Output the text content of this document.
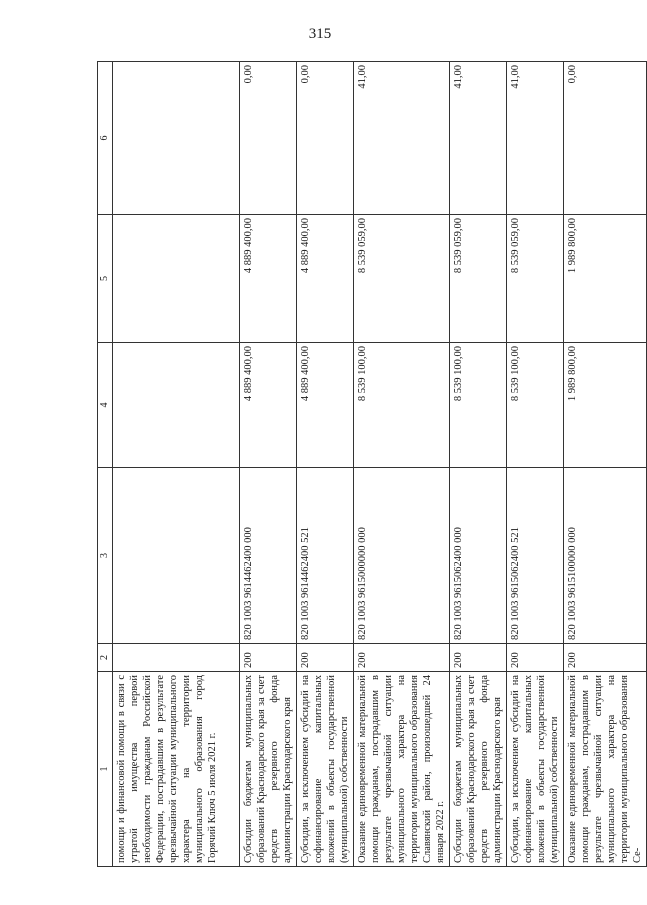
315
1	2	3	4	5	6
помощи и финансовой помощи в связи с утратой имущества первой необходимости гражданам Российской Федерации, пострадавшим в результате чрезвычайной ситуации муниципального характера на территории муниципального образования город Горячий Ключ 5 июля 2021 г.					
Субсидии бюджетам муниципальных образований Краснодарского края за счет средств резервного фонда администрации Краснодарского края	200	820 1003 9614462400 000	4 889 400,00	4 889 400,00	0,00
Субсидии, за исключением субсидий на софинансирование капитальных вложений в объекты государственной (муниципальной) собственности	200	820 1003 9614462400 521	4 889 400,00	4 889 400,00	0,00
Оказание единовременной материальной помощи гражданам, пострадавшим в результате чрезвычайной ситуации муниципального характера на территории муниципального образования Славянский район, произошедшей 24 января 2022 г.	200	820 1003 9615000000 000	8 539 100,00	8 539 059,00	41,00
Субсидии бюджетам муниципальных образований Краснодарского края за счет средств резервного фонда администрации Краснодарского края	200	820 1003 9615062400 000	8 539 100,00	8 539 059,00	41,00
Субсидии, за исключением субсидий на софинансирование капитальных вложений в объекты государственной (муниципальной) собственности	200	820 1003 9615062400 521	8 539 100,00	8 539 059,00	41,00
Оказание единовременной материальной помощи гражданам, пострадавшим в результате чрезвычайной ситуации муниципального характера на территории муниципального образования Се-	200	820 1003 9615100000 000	1 989 800,00	1 989 800,00	0,00
